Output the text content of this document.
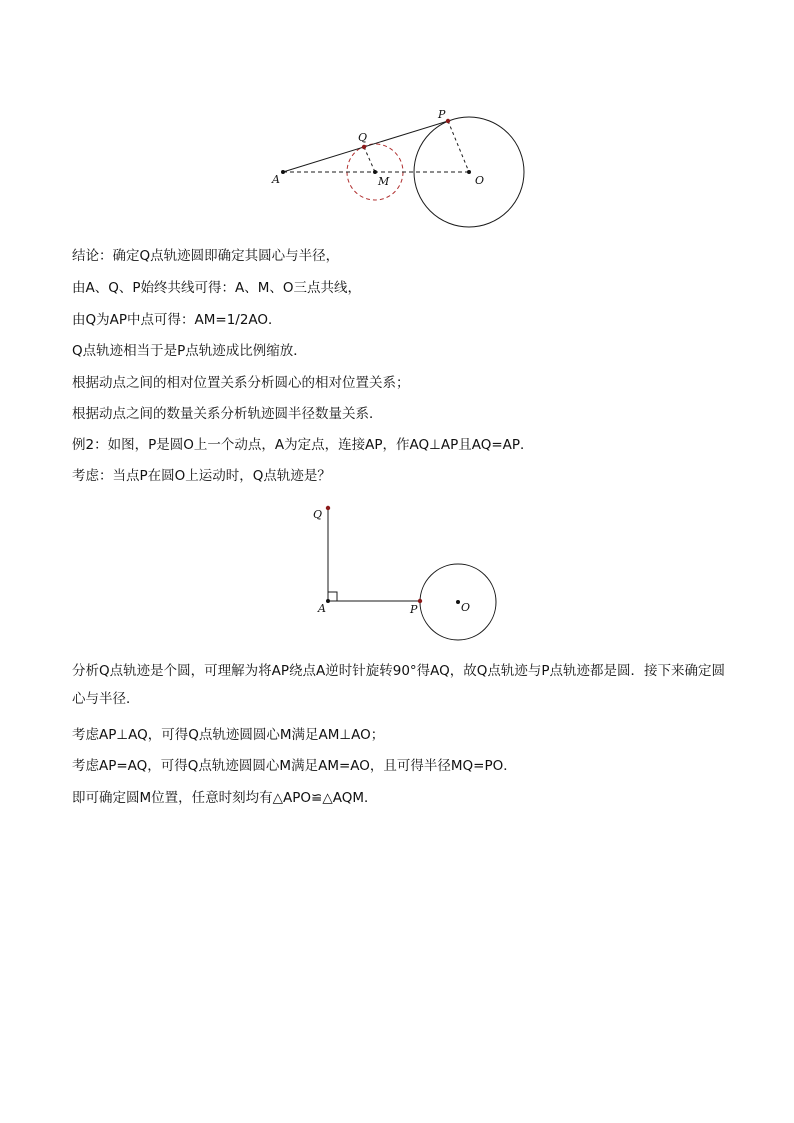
A
Q
M
P
O

结论：确定Q点轨迹圆即确定其圆心与半径，

由A、Q、P始终共线可得：A、M、O三点共线，

由Q为AP中点可得：AM=1/2AO．

Q点轨迹相当于是P点轨迹成比例缩放．

根据动点之间的相对位置关系分析圆心的相对位置关系；

根据动点之间的数量关系分析轨迹圆半径数量关系．

例2：如图，P是圆O上一个动点，A为定点，连接AP，作AQ⊥AP且AQ=AP．

考虑：当点P在圆O上运动时，Q点轨迹是？

Q
A	P	O

分析Q点轨迹是个圆，可理解为将AP绕点A逆时针旋转90°得AQ，故Q点轨迹与P点轨迹都是圆．接下来确定圆心与半径．

考虑AP⊥AQ，可得Q点轨迹圆圆心M满足AM⊥AO；

考虑AP=AQ，可得Q点轨迹圆圆心M满足AM=AO，且可得半径MQ=PO．

即可确定圆M位置，任意时刻均有△APO≌△AQM．
